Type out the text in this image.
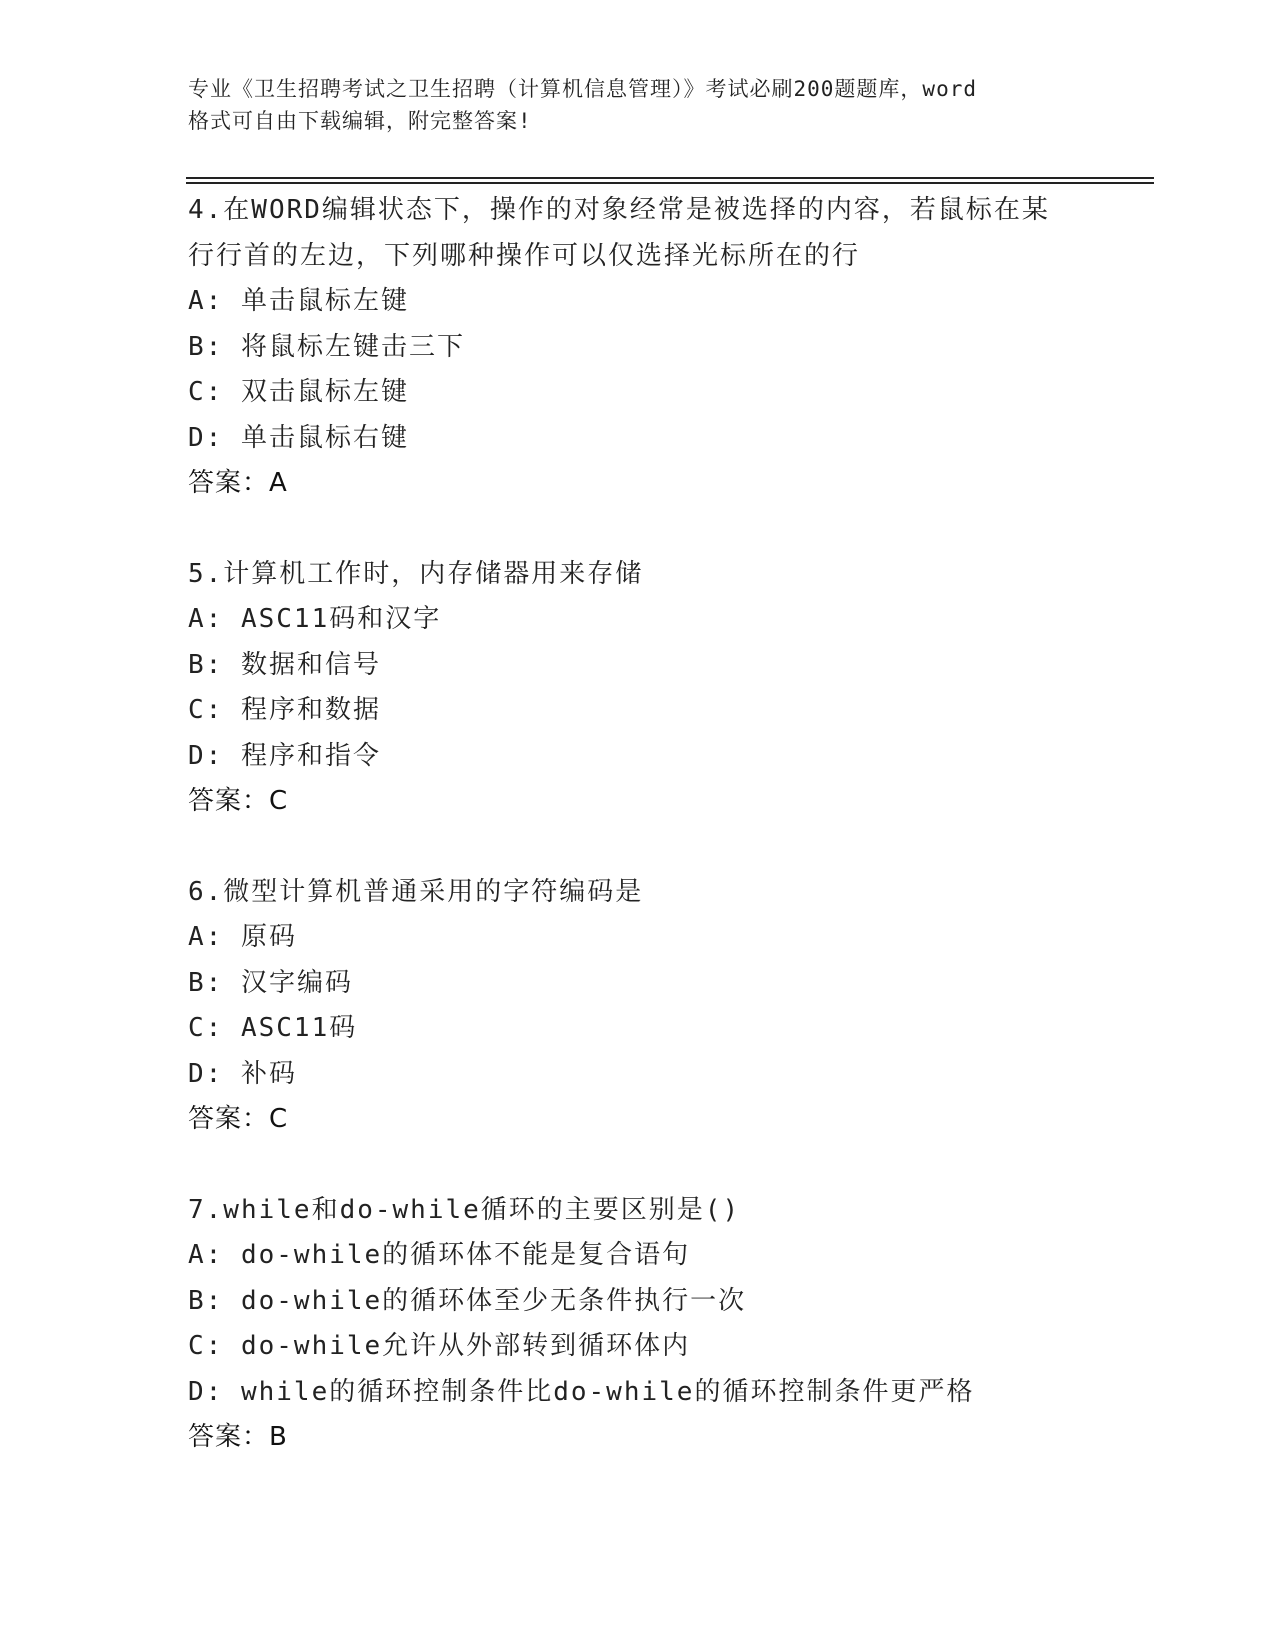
专业《卫生招聘考试之卫生招聘（计算机信息管理）》考试必刷200题题库，word
格式可自由下载编辑，附完整答案!
4.在WORD编辑状态下，操作的对象经常是被选择的内容，若鼠标在某
行行首的左边，下列哪种操作可以仅选择光标所在的行
A: 单击鼠标左键
B: 将鼠标左键击三下
C: 双击鼠标左键
D: 单击鼠标右键
答案：A
5.计算机工作时，内存储器用来存储
A: ASC11码和汉字
B: 数据和信号
C: 程序和数据
D: 程序和指令
答案：C
6.微型计算机普通采用的字符编码是
A: 原码
B: 汉字编码
C: ASC11码
D: 补码
答案：C
7.while和do-while循环的主要区别是()
A: do-while的循环体不能是复合语句
B: do-while的循环体至少无条件执行一次
C: do-while允许从外部转到循环体内
D: while的循环控制条件比do-while的循环控制条件更严格
答案：B
